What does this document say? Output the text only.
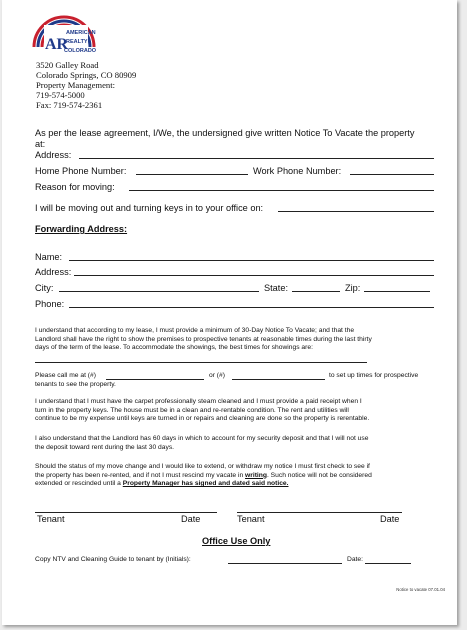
AMERICAN
REALTY
COLORADO
AR
3520 Galley Road
Colorado Springs, CO 80909
Property Management:
719-574-5000
Fax: 719-574-2361
As per the lease agreement, I/We, the undersigned give written Notice To Vacate the property
at:
Address:
Home Phone Number:	Work Phone Number:
Reason for moving:
I will be moving out and turning keys in to your office on:
Forwarding Address:
Name:
Address:
City:	State:	Zip:
Phone:
I understand that according to my lease, I must provide a minimum of 30-Day Notice To Vacate; and that the
Landlord shall have the right to show the premises to prospective tenants at reasonable times during the last thirty
days of the term of the lease. To accommodate the showings, the best times for showings are:
Please call me at (#)	or (#)	to set up times for prospective
tenants to see the property.
I understand that I must have the carpet professionally steam cleaned and I must provide a paid receipt when I
turn in the property keys. The house must be in a clean and re-rentable condition. The rent and utilities will
continue to be my expense until keys are turned in or repairs and cleaning are done so the property is rerentable.
I also understand that the Landlord has 60 days in which to account for my security deposit and that I will not use
the deposit toward rent during the last 30 days.
Should the status of my move change and I would like to extend, or withdraw my notice I must first check to see if
the property has been re-rented, and if not I must rescind my vacate in writing. Such notice will not be considered
extended or rescinded until a Property Manager has signed and dated said notice.
Tenant	Date	Tenant	Date
Office Use Only
Copy NTV and Cleaning Guide to tenant by (Initials):	Date:
Notice to vacate 07.01.04
